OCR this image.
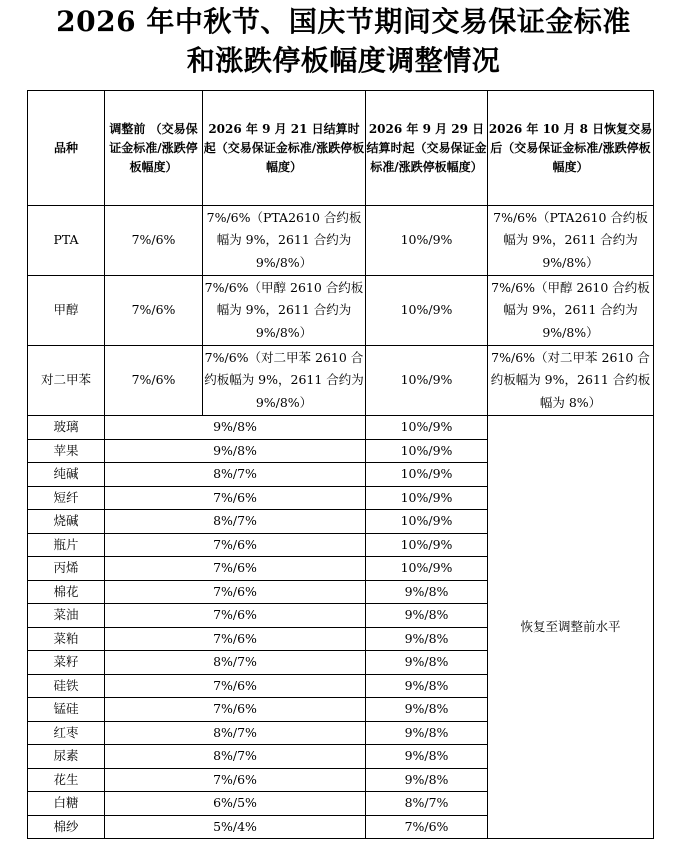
2026 年中秋节、国庆节期间交易保证金标准
和涨跌停板幅度调整情况
品种	调整前 （交易保证金标准/涨跌停板幅度）	2026 年 9 月 21 日结算时起（交易保证金标准/涨跌停板幅度）	2026 年 9 月 29 日结算时起（交易保证金标准/涨跌停板幅度）	2026 年 10 月 8 日恢复交易后（交易保证金标准/涨跌停板幅度）
PTA	7%/6%	7%/6%（PTA2610 合约板幅为 9%，2611 合约为 9%/8%）	10%/9%	7%/6%（PTA2610 合约板幅为 9%，2611 合约为 9%/8%）
甲醇	7%/6%	7%/6%（甲醇 2610 合约板幅为 9%，2611 合约为 9%/8%）	10%/9%	7%/6%（甲醇 2610 合约板幅为 9%，2611 合约为 9%/8%）
对二甲苯	7%/6%	7%/6%（对二甲苯 2610 合约板幅为 9%，2611 合约为 9%/8%）	10%/9%	7%/6%（对二甲苯 2610 合约板幅为 9%，2611 合约板幅为 8%）
玻璃	9%/8%		10%/9%	恢复至调整前水平
苹果	9%/8%		10%/9%	
纯碱	8%/7%		10%/9%	
短纤	7%/6%		10%/9%	
烧碱	8%/7%		10%/9%	
瓶片	7%/6%		10%/9%	
丙烯	7%/6%		10%/9%	
棉花	7%/6%		9%/8%	
菜油	7%/6%		9%/8%	
菜粕	7%/6%		9%/8%	
菜籽	8%/7%		9%/8%	
硅铁	7%/6%		9%/8%	
锰硅	7%/6%		9%/8%	
红枣	8%/7%		9%/8%	
尿素	8%/7%		9%/8%	
花生	7%/6%		9%/8%	
白糖	6%/5%		8%/7%	
棉纱	5%/4%		7%/6%	
